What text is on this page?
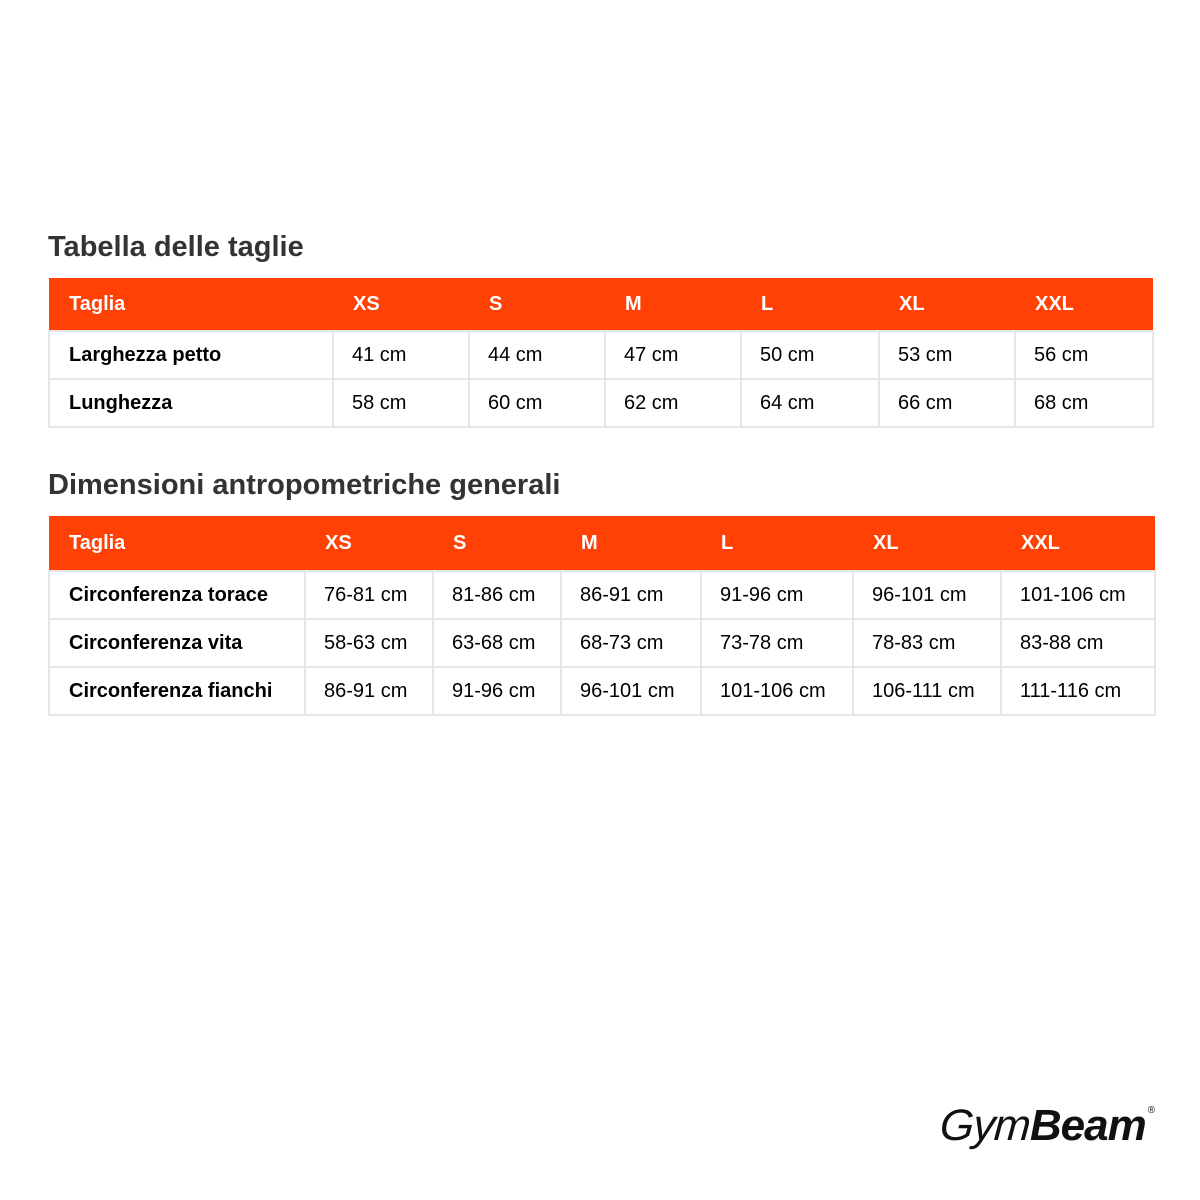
Tabella delle taglie
Taglia	XS	S	M	L	XL	XXL
Larghezza petto	41 cm	44 cm	47 cm	50 cm	53 cm	56 cm
Lunghezza	58 cm	60 cm	62 cm	64 cm	66 cm	68 cm
Dimensioni antropometriche generali
Taglia	XS	S	M	L	XL	XXL
Circonferenza torace	76-81 cm	81-86 cm	86-91 cm	91-96 cm	96-101 cm	101-106 cm
Circonferenza vita	58-63 cm	63-68 cm	68-73 cm	73-78 cm	78-83 cm	83-88 cm
Circonferenza fianchi	86-91 cm	91-96 cm	96-101 cm	101-106 cm	106-111 cm	111-116 cm
Gym
Beam ®
